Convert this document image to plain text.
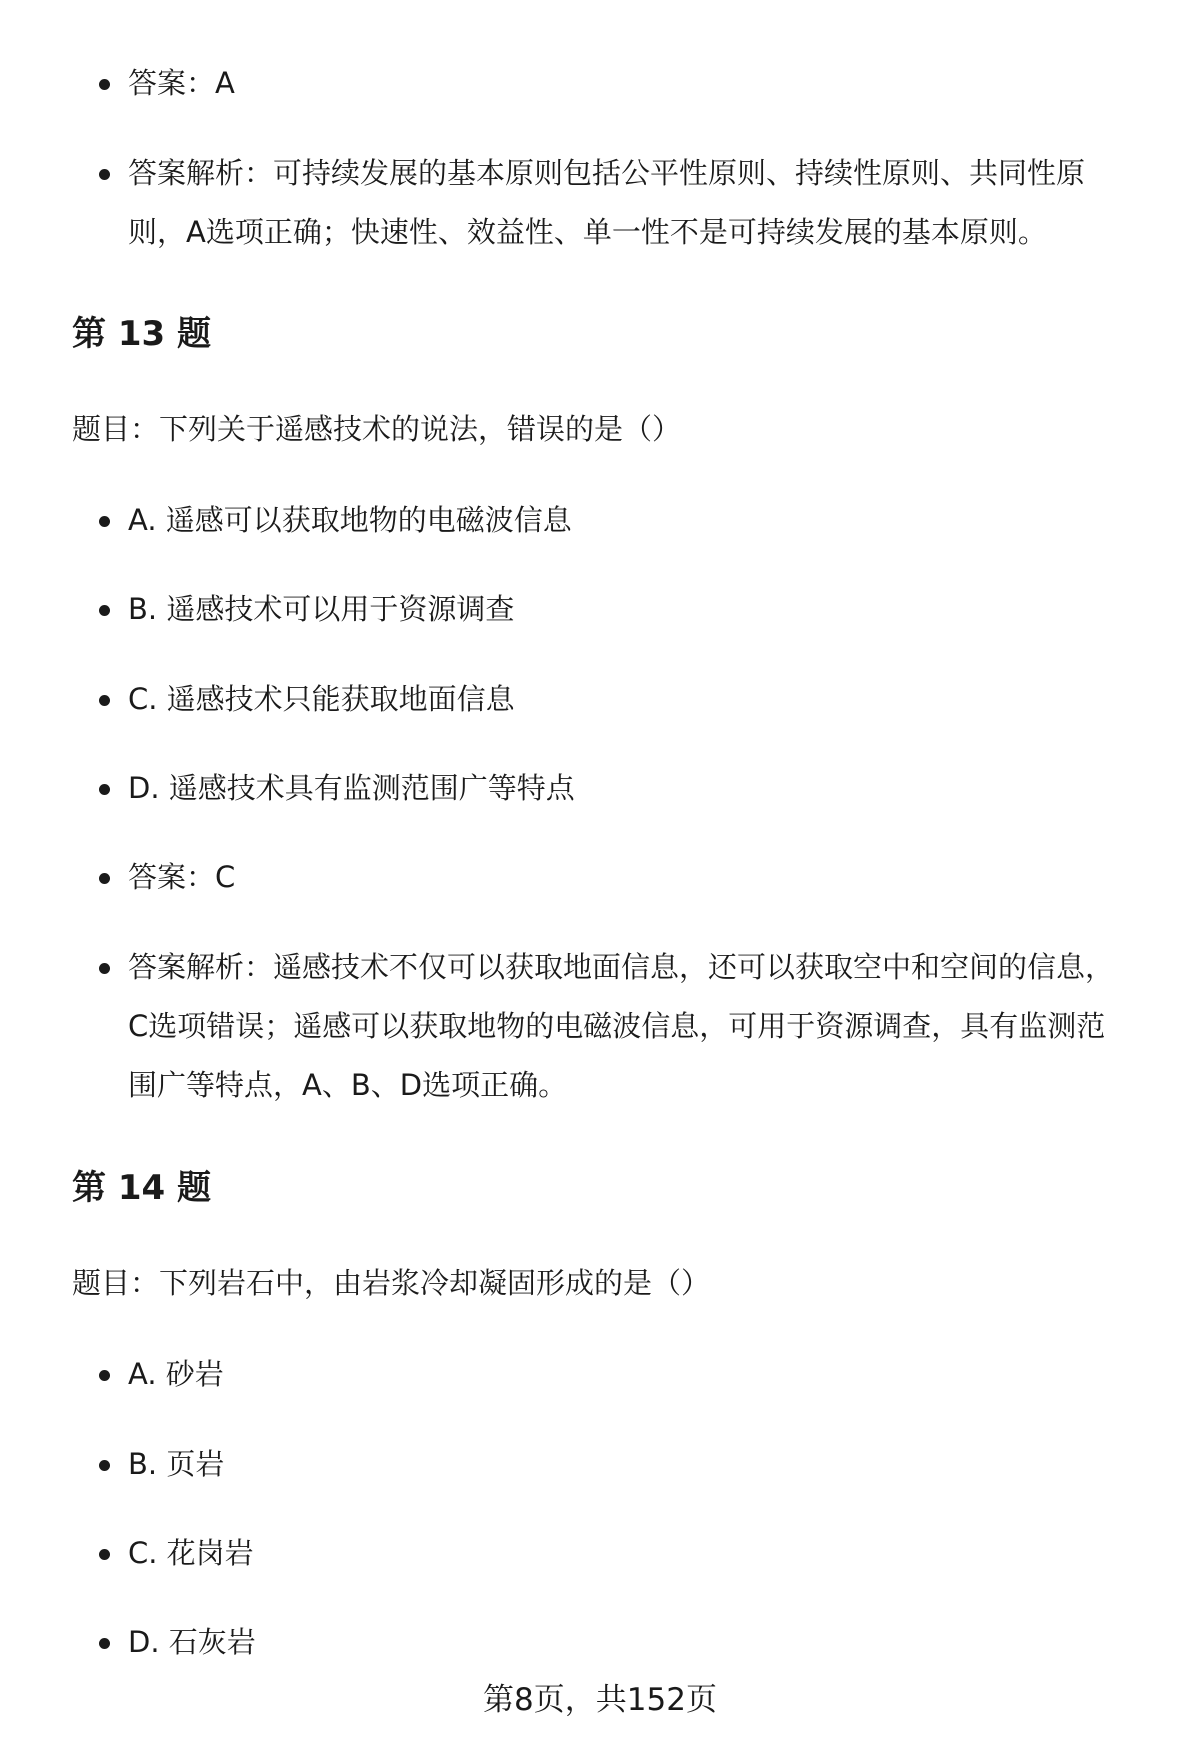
答案：A

答案解析：可持续发展的基本原则包括公平性原则、持续性原则、共同性原则，A选项正确；快速性、效益性、单一性不是可持续发展的基本原则。

第 13 题

题目：下列关于遥感技术的说法，错误的是（）

A. 遥感可以获取地物的电磁波信息

B. 遥感技术可以用于资源调查

C. 遥感技术只能获取地面信息

D. 遥感技术具有监测范围广等特点

答案：C

答案解析：遥感技术不仅可以获取地面信息，还可以获取空中和空间的信息，C选项错误；遥感可以获取地物的电磁波信息，可用于资源调查，具有监测范围广等特点，A、B、D选项正确。

第 14 题

题目：下列岩石中，由岩浆冷却凝固形成的是（）

A. 砂岩

B. 页岩

C. 花岗岩

D. 石灰岩

第8页，共152页
